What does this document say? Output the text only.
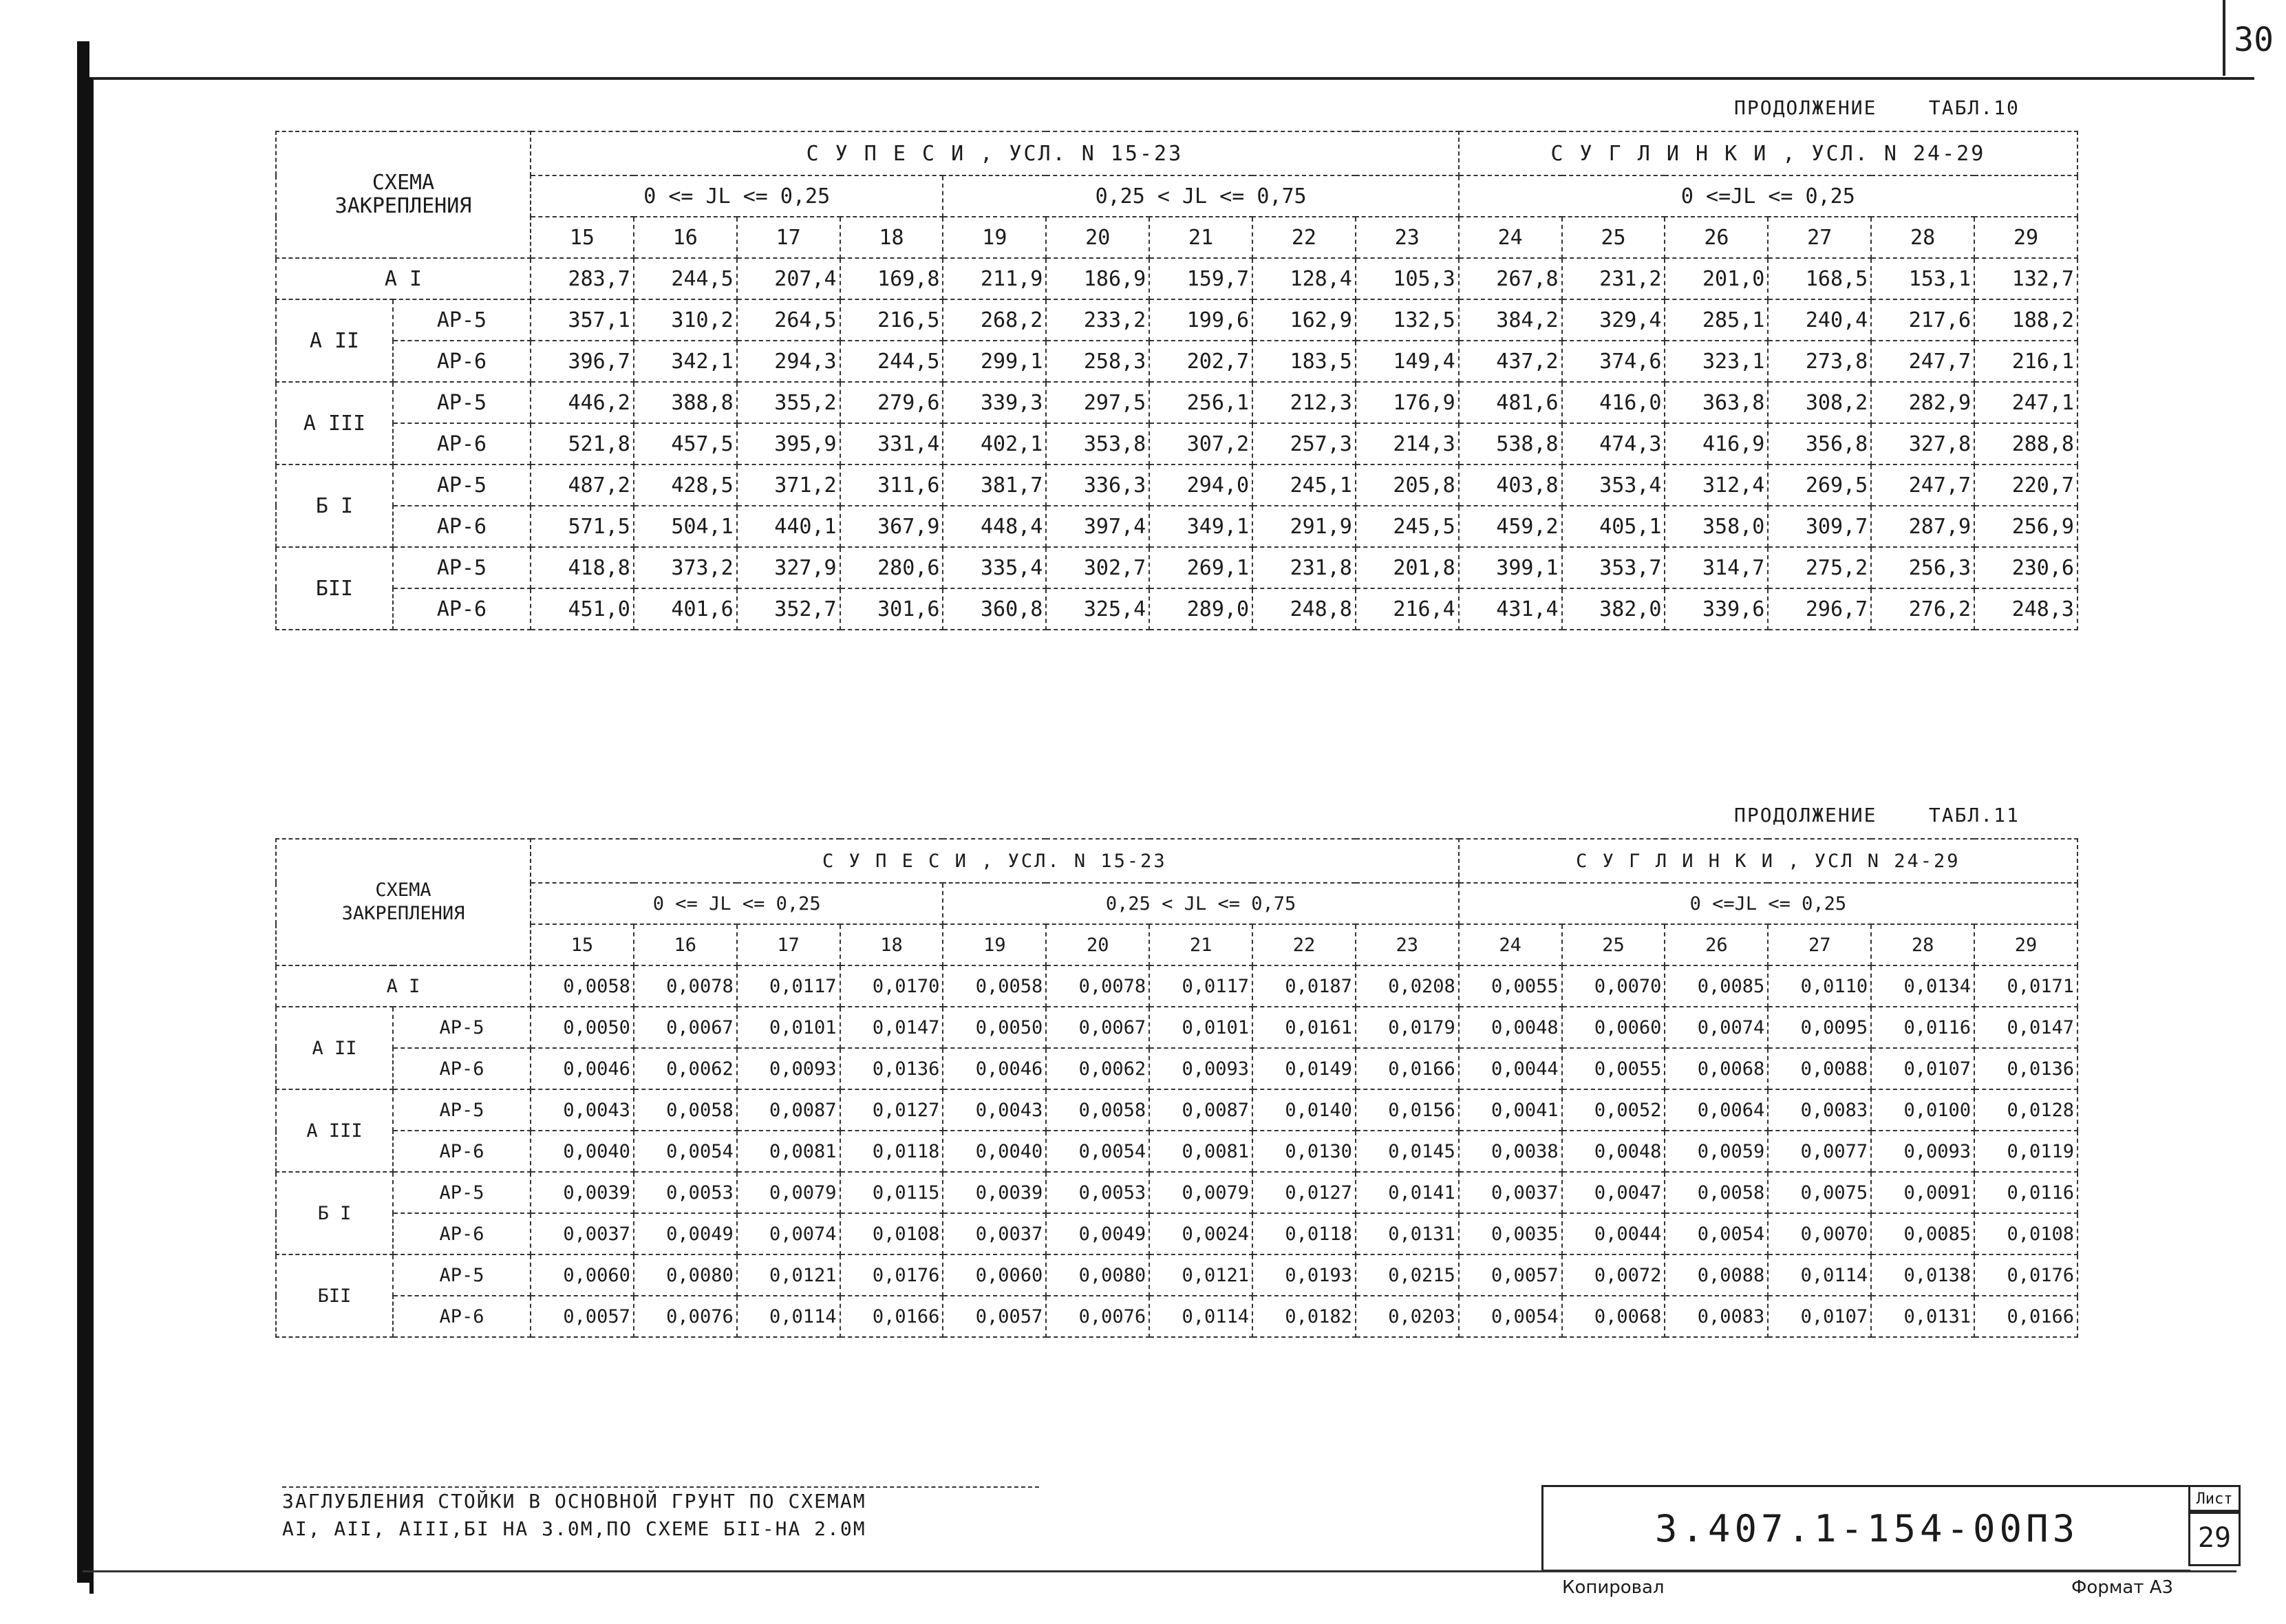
30
ПРОДОЛЖЕНИЕ    ТАБЛ.10
СХЕМА
ЗАКРЕПЛЕНИЯ		С У П Е С И , УСЛ. N 15-23									С У Г Л И Н К И , УСЛ. N 24-29					
		0 <= JL <= 0,25				0,25 < JL <= 0,75					0 <=JL <= 0,25					
		15	16	17	18	19	20	21	22	23	24	25	26	27	28	29
А I		283,7	244,5	207,4	169,8	211,9	186,9	159,7	128,4	105,3	267,8	231,2	201,0	168,5	153,1	132,7
А II	АР-5	357,1	310,2	264,5	216,5	268,2	233,2	199,6	162,9	132,5	384,2	329,4	285,1	240,4	217,6	188,2
	АР-6	396,7	342,1	294,3	244,5	299,1	258,3	202,7	183,5	149,4	437,2	374,6	323,1	273,8	247,7	216,1
А III	АР-5	446,2	388,8	355,2	279,6	339,3	297,5	256,1	212,3	176,9	481,6	416,0	363,8	308,2	282,9	247,1
	АР-6	521,8	457,5	395,9	331,4	402,1	353,8	307,2	257,3	214,3	538,8	474,3	416,9	356,8	327,8	288,8
Б I	АР-5	487,2	428,5	371,2	311,6	381,7	336,3	294,0	245,1	205,8	403,8	353,4	312,4	269,5	247,7	220,7
	АР-6	571,5	504,1	440,1	367,9	448,4	397,4	349,1	291,9	245,5	459,2	405,1	358,0	309,7	287,9	256,9
БII	АР-5	418,8	373,2	327,9	280,6	335,4	302,7	269,1	231,8	201,8	399,1	353,7	314,7	275,2	256,3	230,6
	АР-6	451,0	401,6	352,7	301,6	360,8	325,4	289,0	248,8	216,4	431,4	382,0	339,6	296,7	276,2	248,3
ПРОДОЛЖЕНИЕ    ТАБЛ.11
СХЕМА
ЗАКРЕПЛЕНИЯ		С У П Е С И , УСЛ. N 15-23									С У Г Л И Н К И , УСЛ N 24-29					
		0 <= JL <= 0,25				0,25 < JL <= 0,75					0 <=JL <= 0,25					
		15	16	17	18	19	20	21	22	23	24	25	26	27	28	29
А I		0,0058	0,0078	0,0117	0,0170	0,0058	0,0078	0,0117	0,0187	0,0208	0,0055	0,0070	0,0085	0,0110	0,0134	0,0171
А II	АР-5	0,0050	0,0067	0,0101	0,0147	0,0050	0,0067	0,0101	0,0161	0,0179	0,0048	0,0060	0,0074	0,0095	0,0116	0,0147
	АР-6	0,0046	0,0062	0,0093	0,0136	0,0046	0,0062	0,0093	0,0149	0,0166	0,0044	0,0055	0,0068	0,0088	0,0107	0,0136
А III	АР-5	0,0043	0,0058	0,0087	0,0127	0,0043	0,0058	0,0087	0,0140	0,0156	0,0041	0,0052	0,0064	0,0083	0,0100	0,0128
	АР-6	0,0040	0,0054	0,0081	0,0118	0,0040	0,0054	0,0081	0,0130	0,0145	0,0038	0,0048	0,0059	0,0077	0,0093	0,0119
Б I	АР-5	0,0039	0,0053	0,0079	0,0115	0,0039	0,0053	0,0079	0,0127	0,0141	0,0037	0,0047	0,0058	0,0075	0,0091	0,0116
	АР-6	0,0037	0,0049	0,0074	0,0108	0,0037	0,0049	0,0024	0,0118	0,0131	0,0035	0,0044	0,0054	0,0070	0,0085	0,0108
БII	АР-5	0,0060	0,0080	0,0121	0,0176	0,0060	0,0080	0,0121	0,0193	0,0215	0,0057	0,0072	0,0088	0,0114	0,0138	0,0176
	АР-6	0,0057	0,0076	0,0114	0,0166	0,0057	0,0076	0,0114	0,0182	0,0203	0,0054	0,0068	0,0083	0,0107	0,0131	0,0166
ЗАГЛУБЛЕНИЯ СТОЙКИ В ОСНОВНОЙ ГРУНТ ПО СХЕМАМ
АI, АII, АIII,БI НА 3.0М,ПО СХЕМЕ БII-НА 2.0М	3.407.1-154-00ПЗ
Лист
29
Копировал	Формат А3
